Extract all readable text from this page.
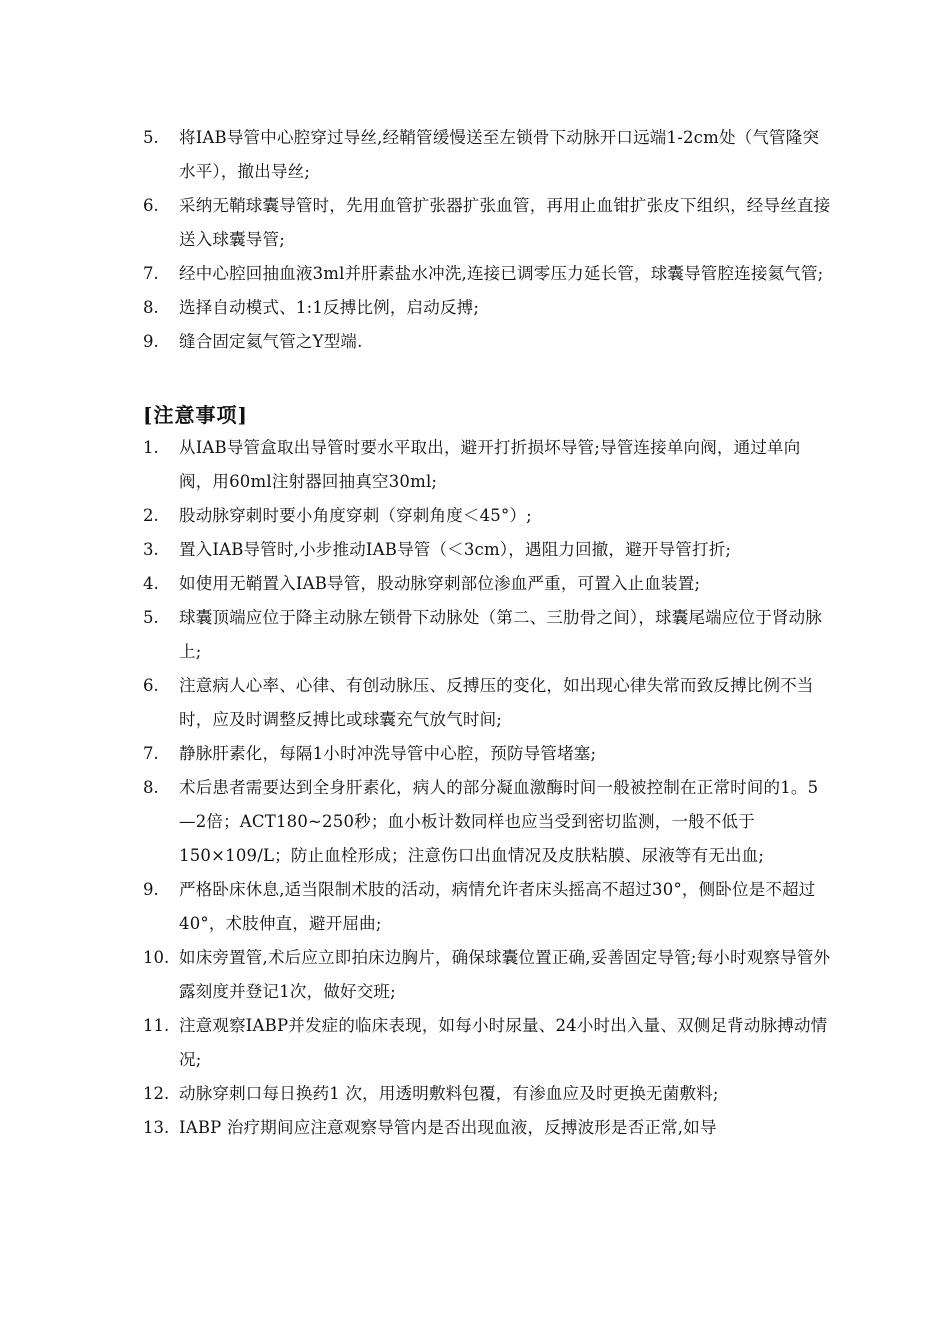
5.	将IAB导管中心腔穿过导丝,经鞘管缓慢送至左锁骨下动脉开口远端1-2cm处（气管隆突水平），撤出导丝;
6.	采纳无鞘球囊导管时，先用血管扩张器扩张血管，再用止血钳扩张皮下组织，经导丝直接送入球囊导管;
7.	经中心腔回抽血液3ml并肝素盐水冲洗,连接已调零压力延长管，球囊导管腔连接氦气管;
8.	选择自动模式、1:1反搏比例，启动反搏;
9.	缝合固定氦气管之Y型端.
[注意事项]
1.	从IAB导管盒取出导管时要水平取出，避开打折损坏导管;导管连接单向阀，通过单向阀，用60ml注射器回抽真空30ml;
2.	股动脉穿刺时要小角度穿刺（穿刺角度＜45°）;
3.	置入IAB导管时,小步推动IAB导管（＜3cm），遇阻力回撤，避开导管打折;
4.	如使用无鞘置入IAB导管，股动脉穿刺部位渗血严重，可置入止血装置;
5.	球囊顶端应位于降主动脉左锁骨下动脉处（第二、三肋骨之间），球囊尾端应位于肾动脉上;
6.	注意病人心率、心律、有创动脉压、反搏压的变化，如出现心律失常而致反搏比例不当时，应及时调整反搏比或球囊充气放气时间;
7.	静脉肝素化，每隔1小时冲洗导管中心腔，预防导管堵塞;
8.	术后患者需要达到全身肝素化，病人的部分凝血激酶时间一般被控制在正常时间的1。5—2倍；ACT180~250秒；血小板计数同样也应当受到密切监测，一般不低于150×109/L；防止血栓形成；注意伤口出血情况及皮肤粘膜、尿液等有无出血;
9.	严格卧床休息,适当限制术肢的活动，病情允许者床头摇高不超过30°，侧卧位是不超过40°，术肢伸直，避开屈曲;
10. 如床旁置管,术后应立即拍床边胸片，确保球囊位置正确,妥善固定导管;每小时观察导管外露刻度并登记1次，做好交班;
11. 注意观察IABP并发症的临床表现，如每小时尿量、24小时出入量、双侧足背动脉搏动情况;
12. 动脉穿刺口每日换药1 次，用透明敷料包覆，有渗血应及时更换无菌敷料;
13. IABP 治疗期间应注意观察导管内是否出现血液，反搏波形是否正常,如导
